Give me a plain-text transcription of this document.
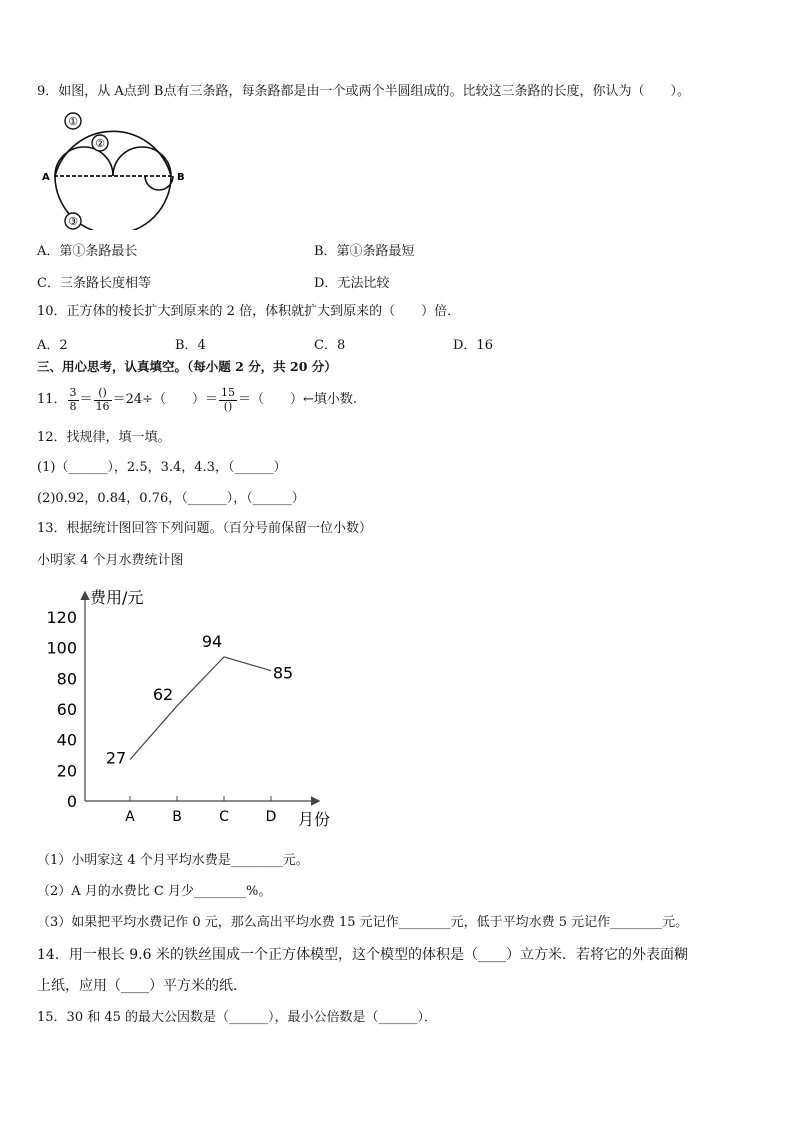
9．如图，从 A点到 B点有三条路，每条路都是由一个或两个半圆组成的。比较这三条路的长度，你认为（　　）。
①
②
③
A	B
A．第①条路最长	B．第①条路最短
C．三条路长度相等	D．无法比较
10．正方体的棱长扩大到原来的 2 倍，体积就扩大到原来的（　　）倍．
A．2	B．4	C．8	D．16
三、用心思考，认真填空。（每小题 2 分，共 20 分）
11． $\frac{3}{8} = \frac{()}{16} =24\div$（　　）＝ $\frac{15}{()}$ ＝（　　）←填小数.
12．找规律，填一填。
(1)（______），2.5，3.4，4.3，（______）
(2)0.92，0.84，0.76，（______），（______）
13．根据统计图回答下列问题。（百分号前保留一位小数）
小明家 4 个月水费统计图
费用/元
月份
0
20
40
60
80
100
120
A	B	C	D
27
62
94
85
（1）小明家这 4 个月平均水费是________元。
（2）A 月的水费比 C 月少________%。
（3）如果把平均水费记作 0 元，那么高出平均水费 15 元记作________元，低于平均水费 5 元记作________元。
14．用一根长 9.6 米的铁丝围成一个正方体模型，这个模型的体积是（____）立方米．若将它的外表面糊
上纸，应用（____）平方米的纸．
15．30 和 45 的最大公因数是（______），最小公倍数是（______）．
